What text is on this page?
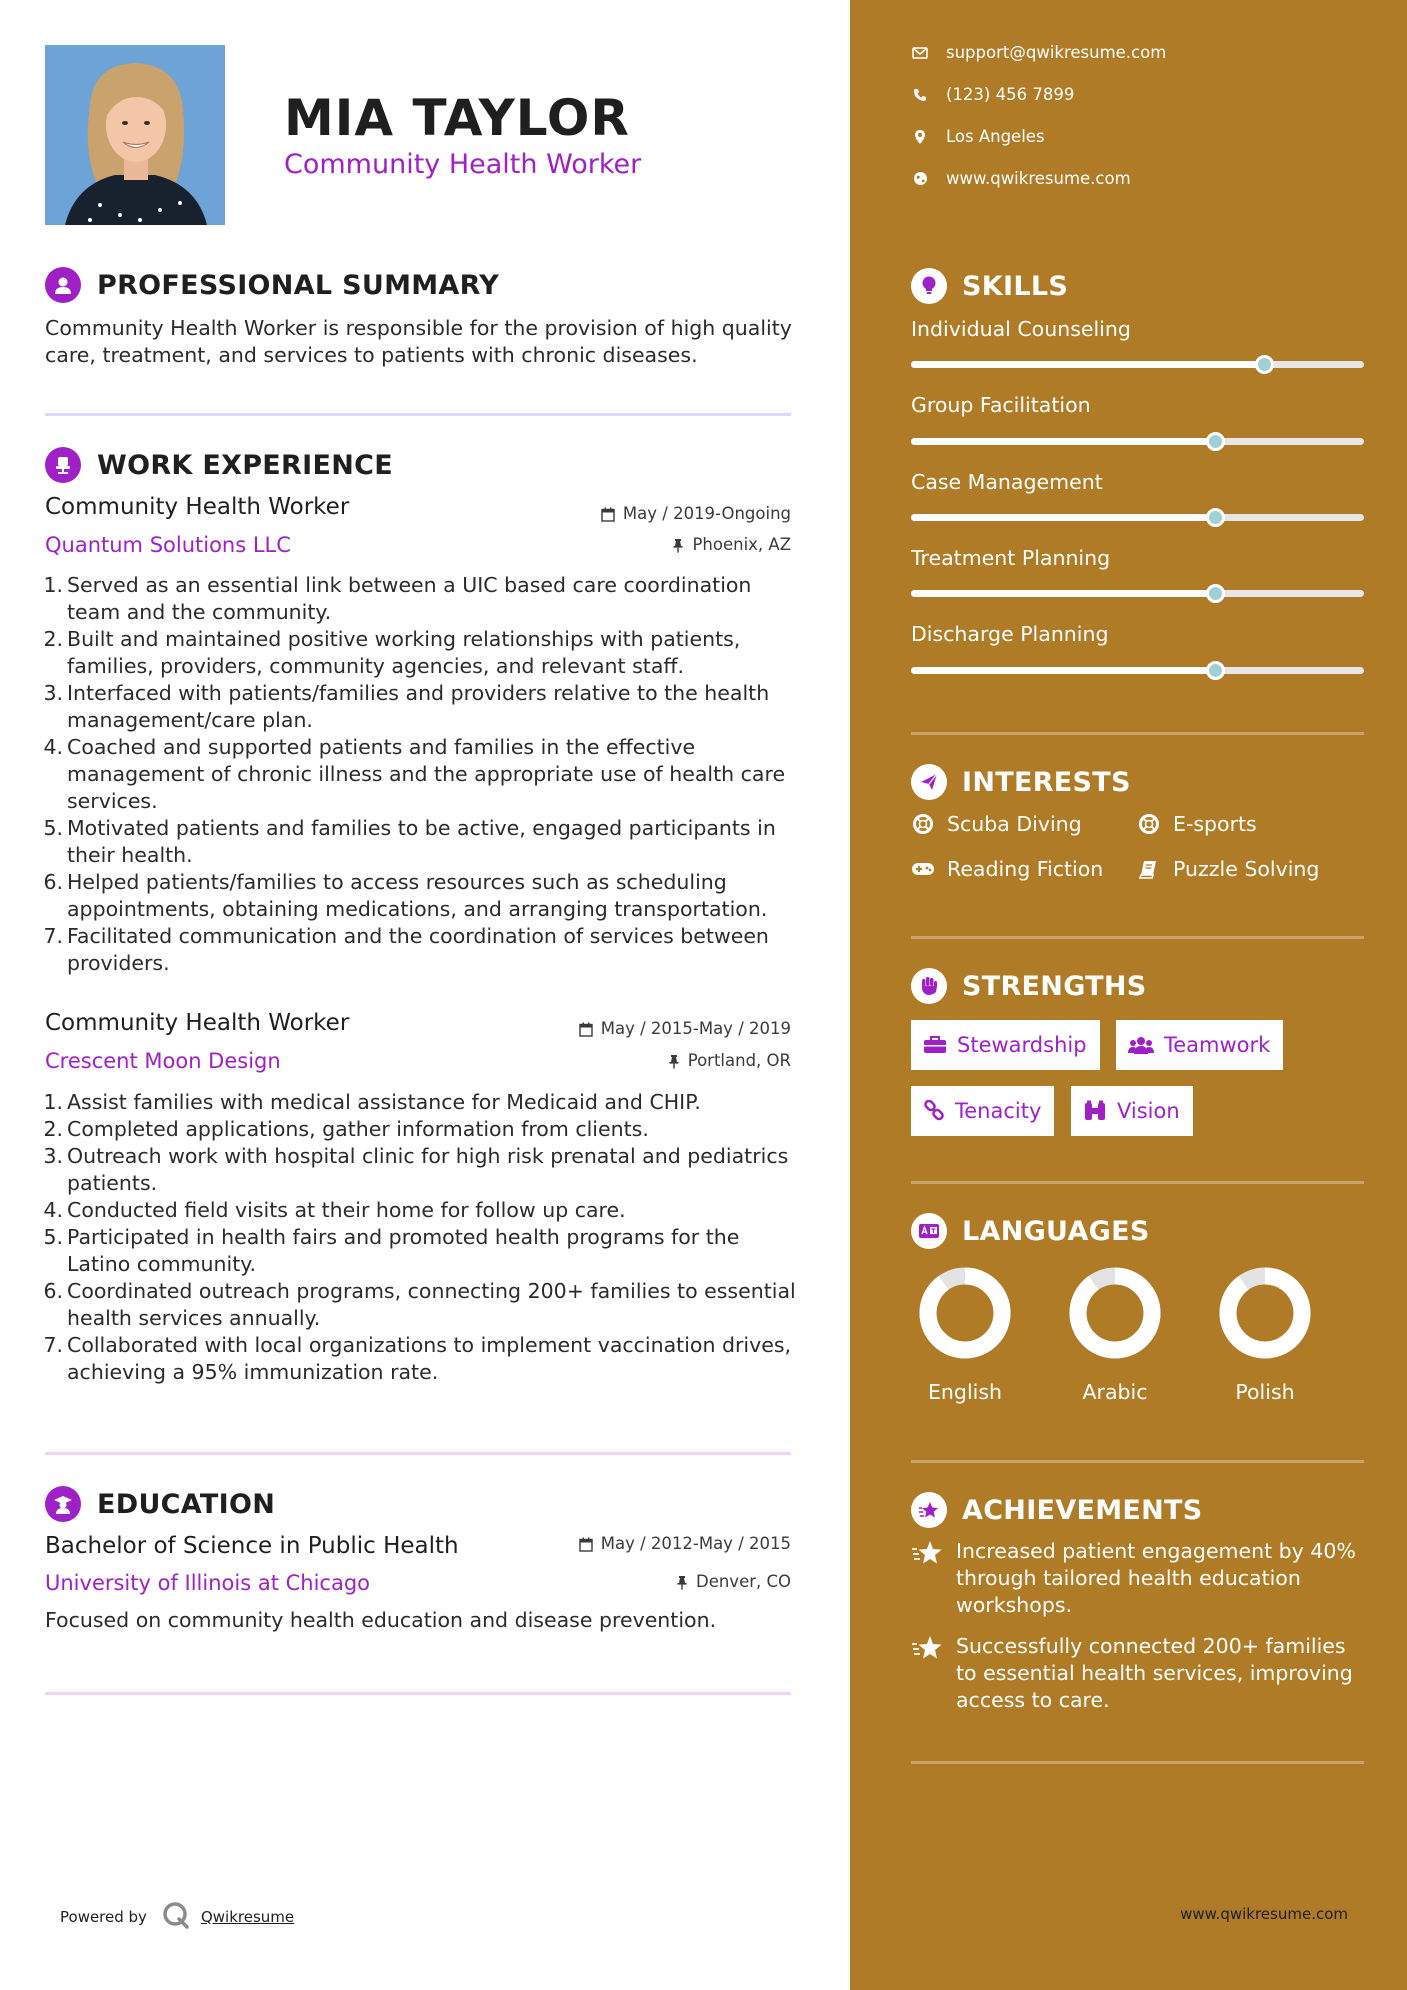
MIA TAYLOR
Community Health Worker
PROFESSIONAL SUMMARY
Community Health Worker is responsible for the provision of high quality care, treatment, and services to patients with chronic diseases.
WORK EXPERIENCE
Community Health Worker	May / 2019-Ongoing
Quantum Solutions LLC	Phoenix, AZ
1. Served as an essential link between a UIC based care coordination team and the community.
2. Built and maintained positive working relationships with patients, families, providers, community agencies, and relevant staff.
3. Interfaced with patients/families and providers relative to the health management/care plan.
4. Coached and supported patients and families in the effective management of chronic illness and the appropriate use of health care services.
5. Motivated patients and families to be active, engaged participants in their health.
6. Helped patients/families to access resources such as scheduling appointments, obtaining medications, and arranging transportation.
7. Facilitated communication and the coordination of services between providers.
Community Health Worker	May / 2015-May / 2019
Crescent Moon Design	Portland, OR
1. Assist families with medical assistance for Medicaid and CHIP.
2. Completed applications, gather information from clients.
3. Outreach work with hospital clinic for high risk prenatal and pediatrics patients.
4. Conducted field visits at their home for follow up care.
5. Participated in health fairs and promoted health programs for the Latino community.
6. Coordinated outreach programs, connecting 200+ families to essential health services annually.
7. Collaborated with local organizations to implement vaccination drives, achieving a 95% immunization rate.
EDUCATION
Bachelor of Science in Public Health	May / 2012-May / 2015
University of Illinois at Chicago	Denver, CO
Focused on community health education and disease prevention.
Powered by	Qwikresume
support@qwikresume.com
(123) 456 7899
Los Angeles
www.qwikresume.com
SKILLS
Individual Counseling
Group Facilitation
Case Management
Treatment Planning
Discharge Planning
INTERESTS
Scuba Diving	E-sports
Reading Fiction	Puzzle Solving
STRENGTHS
Stewardship	Teamwork
Tenacity	Vision
LANGUAGES
English	Arabic	Polish
ACHIEVEMENTS
Increased patient engagement by 40% through tailored health education workshops.
Successfully connected 200+ families to essential health services, improving access to care.
www.qwikresume.com
